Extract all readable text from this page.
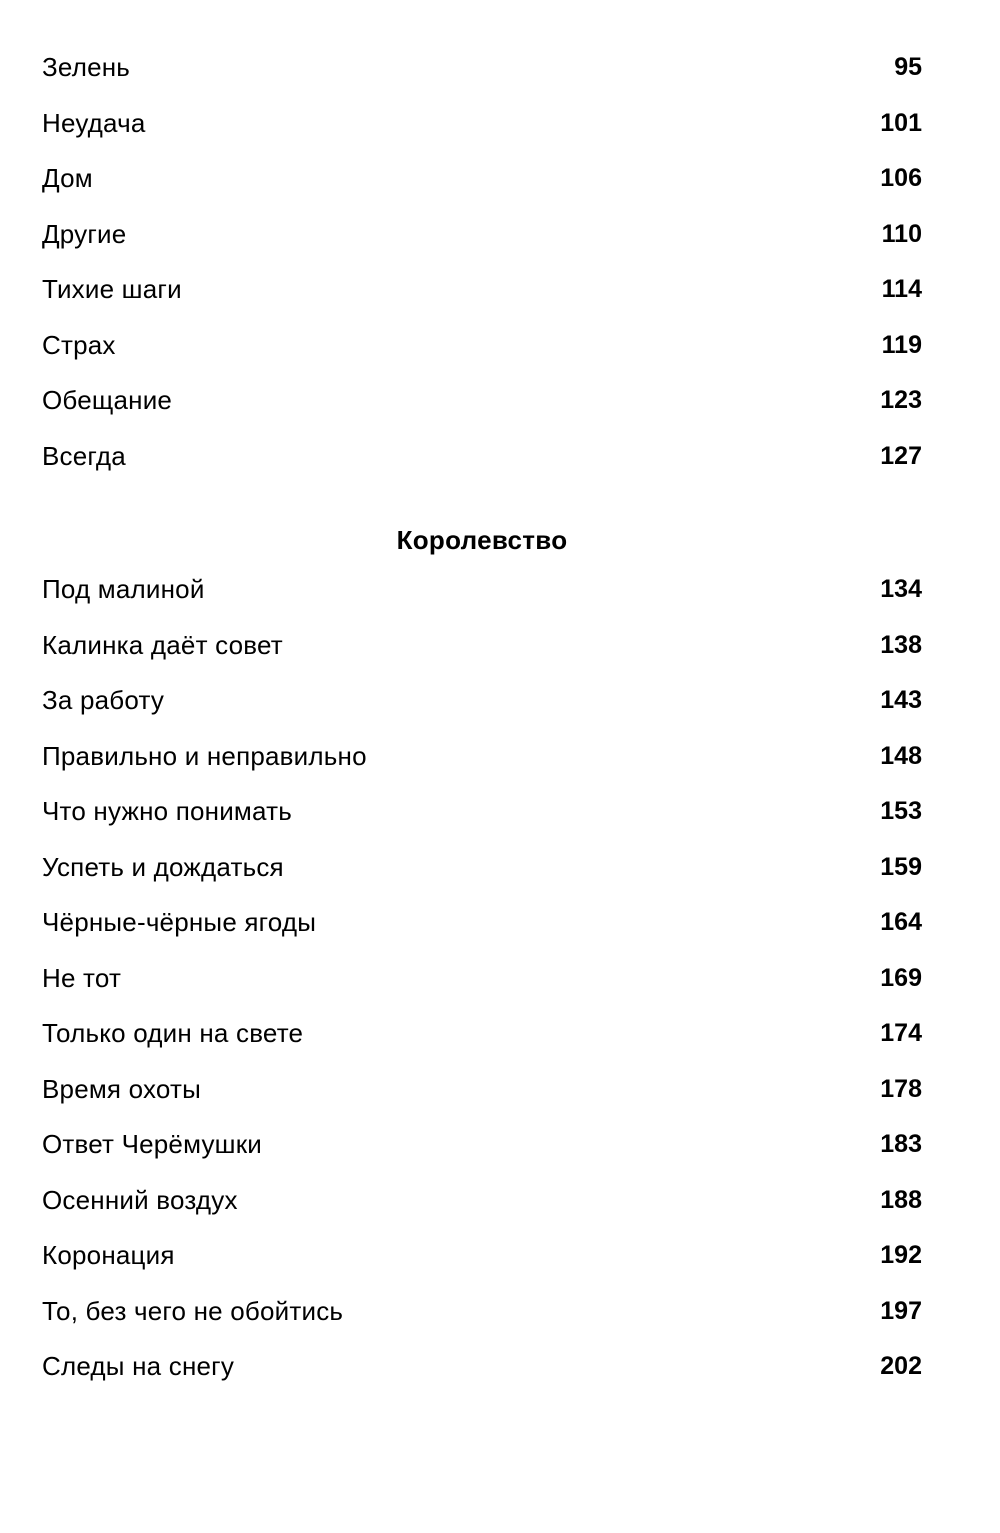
Зелень	95
Неудача	101
Дом	106
Другие	110
Тихие шаги	114
Страх	119
Обещание	123
Всегда	127
Королевство	
Под малиной	134
Калинка даёт совет	138
За работу	143
Правильно и неправильно	148
Что нужно понимать	153
Успеть и дождаться	159
Чёрные-чёрные ягоды	164
Не тот	169
Только один на свете	174
Время охоты	178
Ответ Черёмушки	183
Осенний воздух	188
Коронация	192
То, без чего не обойтись	197
Следы на снегу	202
